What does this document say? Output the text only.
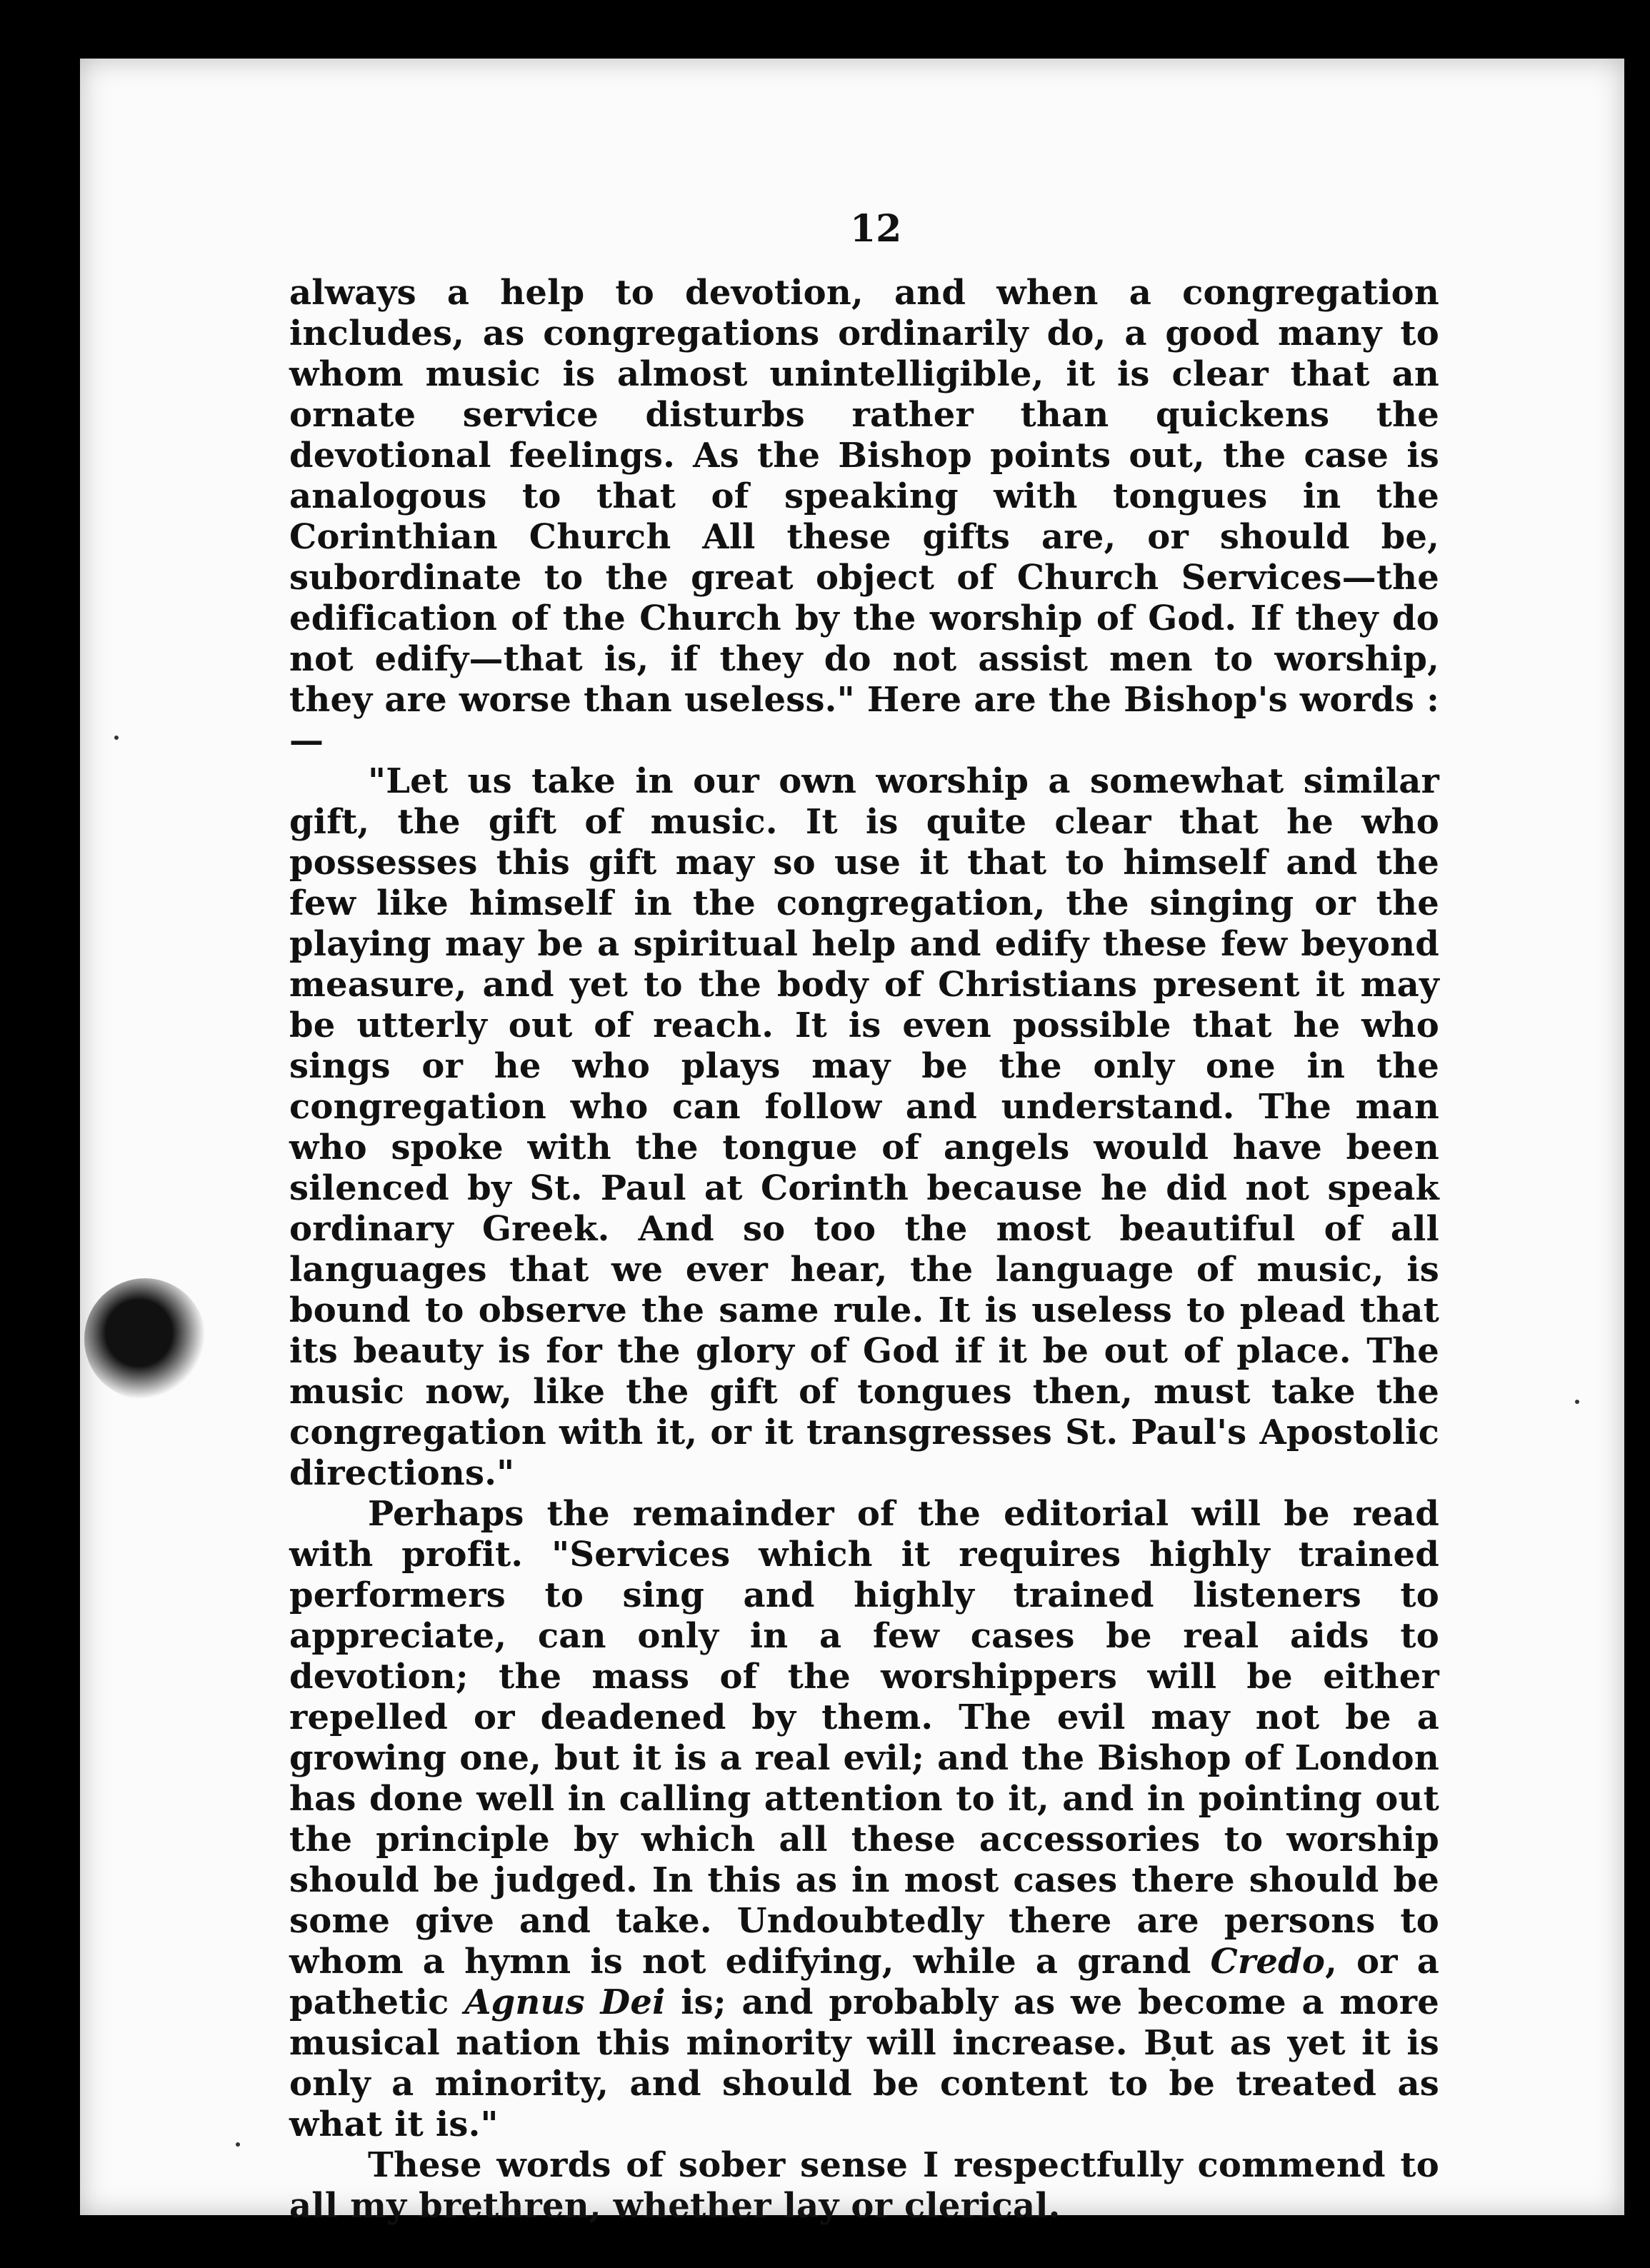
12

always a help to devotion, and when a congregation includes, as congregations ordinarily do, a good many to whom music is almost unintelligible, it is clear that an ornate service disturbs rather than quickens the devotional feelings. As the Bishop points out, the case is analogous to that of speaking with tongues in the Corinthian Church All these gifts are, or should be, subordinate to the great object of Church Services—the edification of the Church by the worship of God. If they do not edify—that is, if they do not assist men to worship, they are worse than useless." Here are the Bishop's words :—

"Let us take in our own worship a somewhat similar gift, the gift of music. It is quite clear that he who possesses this gift may so use it that to himself and the few like himself in the congregation, the singing or the playing may be a spiritual help and edify these few beyond measure, and yet to the body of Christians present it may be utterly out of reach. It is even possible that he who sings or he who plays may be the only one in the congregation who can follow and understand. The man who spoke with the tongue of angels would have been silenced by St. Paul at Corinth because he did not speak ordinary Greek. And so too the most beautiful of all languages that we ever hear, the language of music, is bound to observe the same rule. It is useless to plead that its beauty is for the glory of God if it be out of place. The music now, like the gift of tongues then, must take the congregation with it, or it transgresses St. Paul's Apostolic directions."

Perhaps the remainder of the editorial will be read with profit. "Services which it requires highly trained performers to sing and highly trained listeners to appreciate, can only in a few cases be real aids to devotion; the mass of the worshippers will be either repelled or deadened by them. The evil may not be a growing one, but it is a real evil; and the Bishop of London has done well in calling attention to it, and in pointing out the principle by which all these accessories to worship should be judged. In this as in most cases there should be some give and take. Undoubtedly there are persons to whom a hymn is not edifying, while a grand Credo, or a pathetic Agnus Dei is; and probably as we become a more musical nation this minority will increase. But as yet it is only a minority, and should be content to be treated as what it is."

These words of sober sense I respectfully commend to all my brethren, whether lay or clerical.
